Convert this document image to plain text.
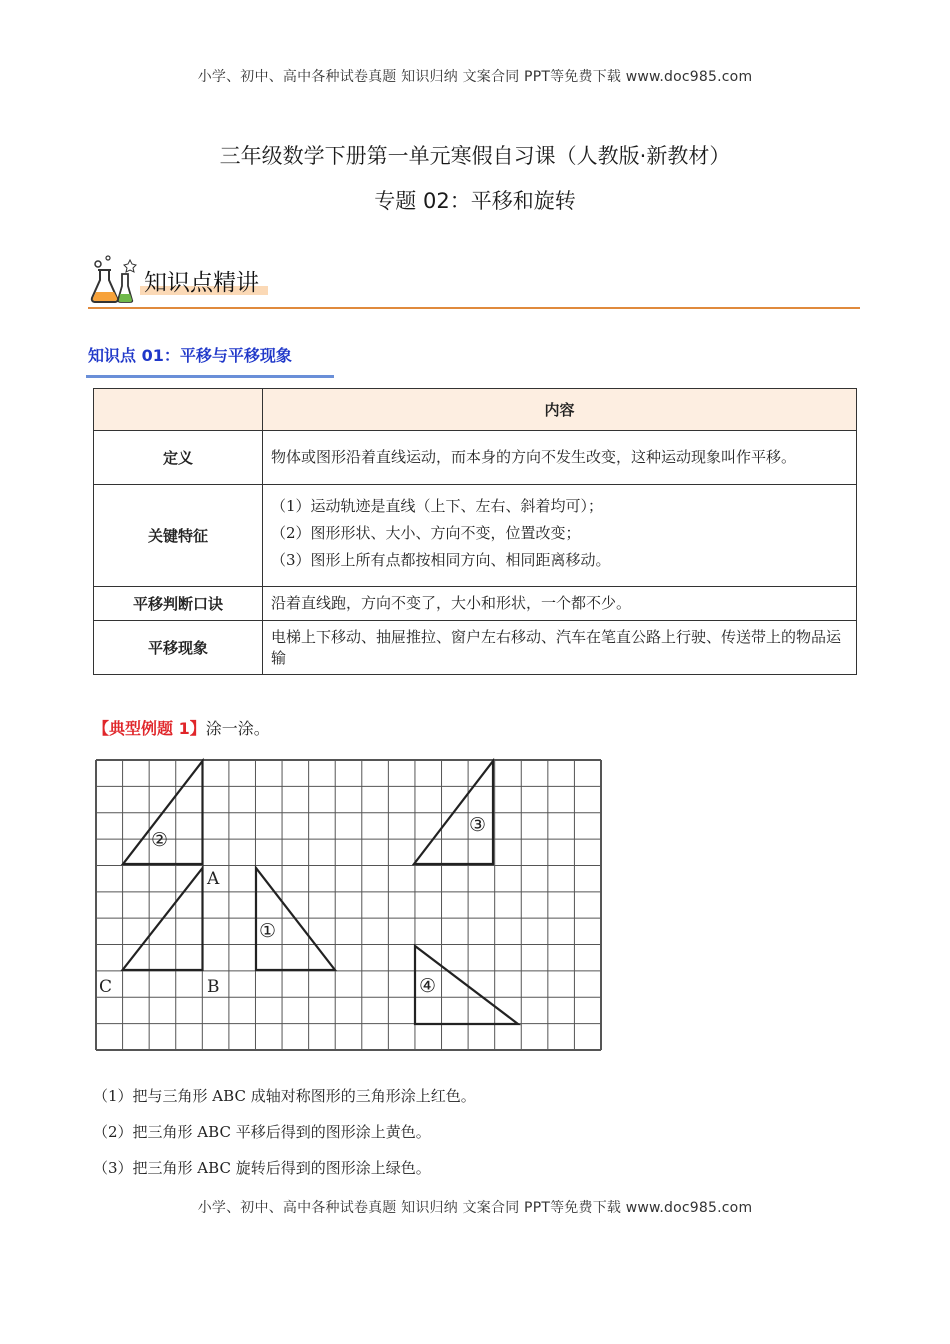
小学、初中、高中各种试卷真题 知识归纳 文案合同 PPT等免费下载 www.doc985.com
三年级数学下册第一单元寒假自习课（人教版·新教材）
专题 02：平移和旋转
知识点精讲
知识点 01：平移与平移现象
	内容
定义	物体或图形沿着直线运动，而本身的方向不发生改变，这种运动现象叫作平移。
关键特征	（1）运动轨迹是直线（上下、左右、斜着均可）；
（2）图形形状、大小、方向不变，位置改变；
（3）图形上所有点都按相同方向、相同距离移动。

平移判断口诀	沿着直线跑，方向不变了，大小和形状，一个都不少。
平移现象	电梯上下移动、抽屉推拉、窗户左右移动、汽车在笔直公路上行驶、传送带上的物品运输
【典型例题 1】涂一涂。
A
B
C
①
②
③
④
（1）把与三角形 ABC 成轴对称图形的三角形涂上红色。
（2）把三角形 ABC 平移后得到的图形涂上黄色。
（3）把三角形 ABC 旋转后得到的图形涂上绿色。
小学、初中、高中各种试卷真题 知识归纳 文案合同 PPT等免费下载 www.doc985.com
